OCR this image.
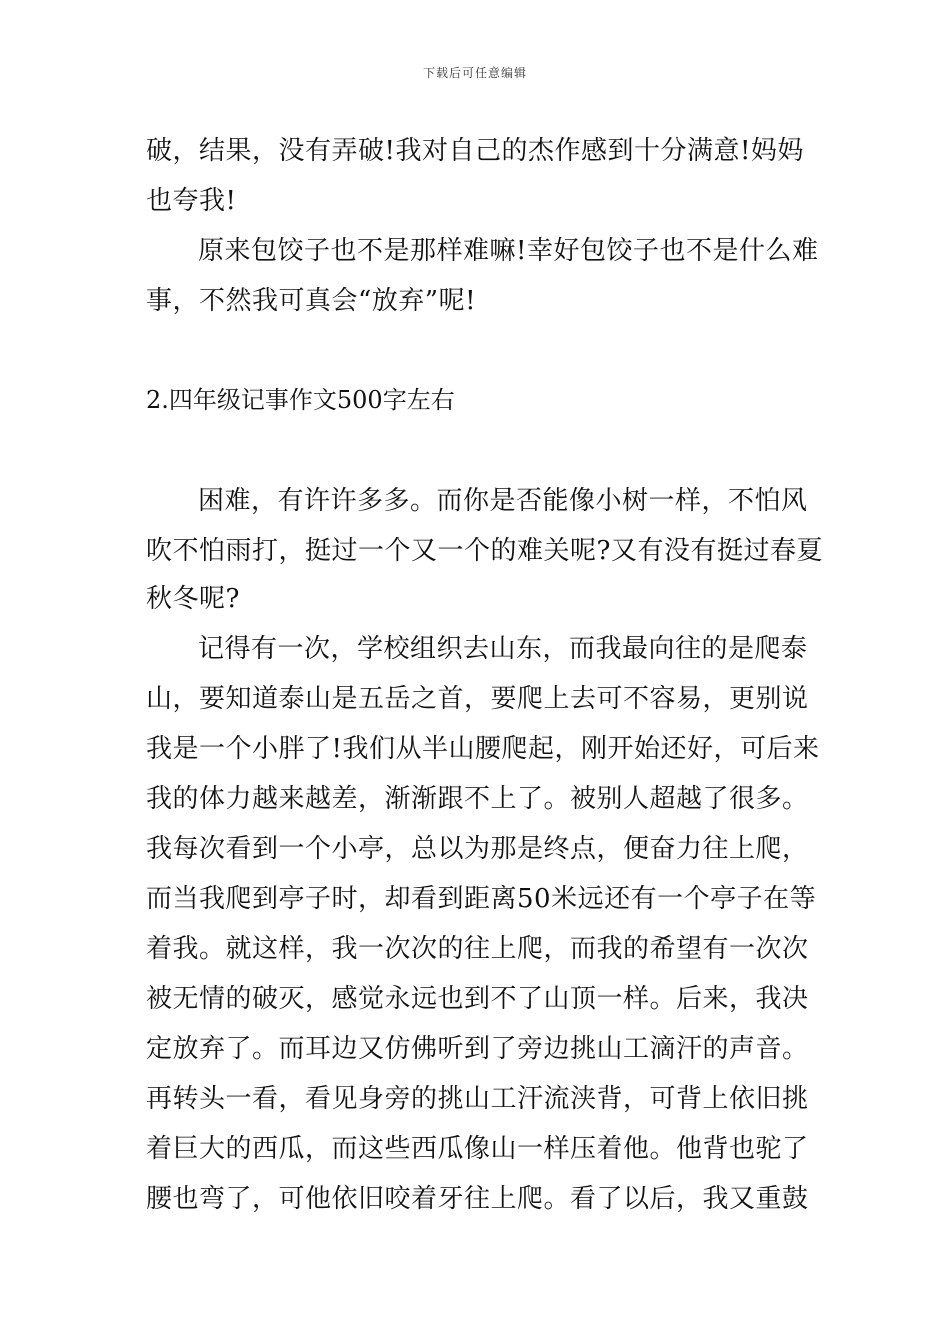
下载后可任意编辑
破，结果，没有弄破!我对自己的杰作感到十分满意!妈妈
也夸我!
原来包饺子也不是那样难嘛!幸好包饺子也不是什么难
事，不然我可真会“放弃”呢!
2.四年级记事作文500字左右
困难，有许许多多。而你是否能像小树一样，不怕风
吹不怕雨打，挺过一个又一个的难关呢?又有没有挺过春夏
秋冬呢?
记得有一次，学校组织去山东，而我最向往的是爬泰
山，要知道泰山是五岳之首，要爬上去可不容易，更别说
我是一个小胖了!我们从半山腰爬起，刚开始还好，可后来
我的体力越来越差，渐渐跟不上了。被别人超越了很多。
我每次看到一个小亭，总以为那是终点，便奋力往上爬，
而当我爬到亭子时，却看到距离50米远还有一个亭子在等
着我。就这样，我一次次的往上爬，而我的希望有一次次
被无情的破灭，感觉永远也到不了山顶一样。后来，我决
定放弃了。而耳边又仿佛听到了旁边挑山工滴汗的声音。
再转头一看，看见身旁的挑山工汗流浃背，可背上依旧挑
着巨大的西瓜，而这些西瓜像山一样压着他。他背也驼了
腰也弯了，可他依旧咬着牙往上爬。看了以后，我又重鼓
